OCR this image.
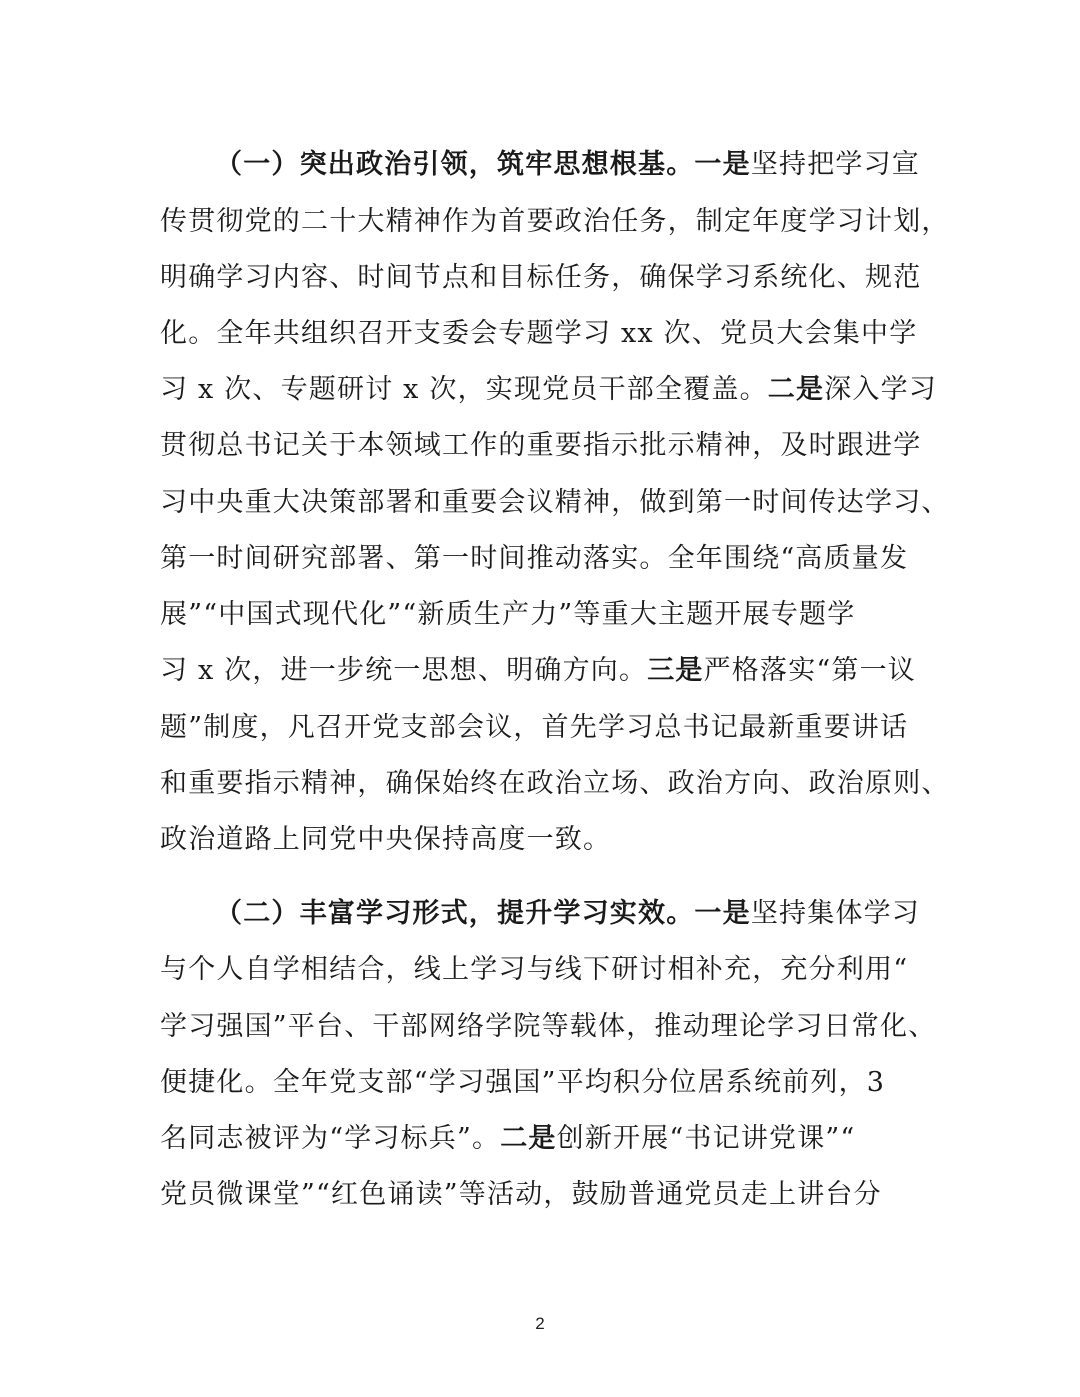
（一）突出政治引领，筑牢思想根基。一是坚持把学习宣
传贯彻党的二十大精神作为首要政治任务，制定年度学习计划，
明确学习内容、时间节点和目标任务，确保学习系统化、规范
化。全年共组织召开支委会专题学习 xx 次、党员大会集中学
习 x 次、专题研讨 x 次，实现党员干部全覆盖。二是深入学习
贯彻总书记关于本领域工作的重要指示批示精神，及时跟进学
习中央重大决策部署和重要会议精神，做到第一时间传达学习、
第一时间研究部署、第一时间推动落实。全年围绕“高质量发
展”“中国式现代化”“新质生产力”等重大主题开展专题学
习 x 次，进一步统一思想、明确方向。三是严格落实“第一议
题”制度，凡召开党支部会议，首先学习总书记最新重要讲话
和重要指示精神，确保始终在政治立场、政治方向、政治原则、
政治道路上同党中央保持高度一致。
（二）丰富学习形式，提升学习实效。一是坚持集体学习
与个人自学相结合，线上学习与线下研讨相补充，充分利用“
学习强国”平台、干部网络学院等载体，推动理论学习日常化、
便捷化。全年党支部“学习强国”平均积分位居系统前列，3
名同志被评为“学习标兵”。二是创新开展“书记讲党课”“
党员微课堂”“红色诵读”等活动，鼓励普通党员走上讲台分
2
